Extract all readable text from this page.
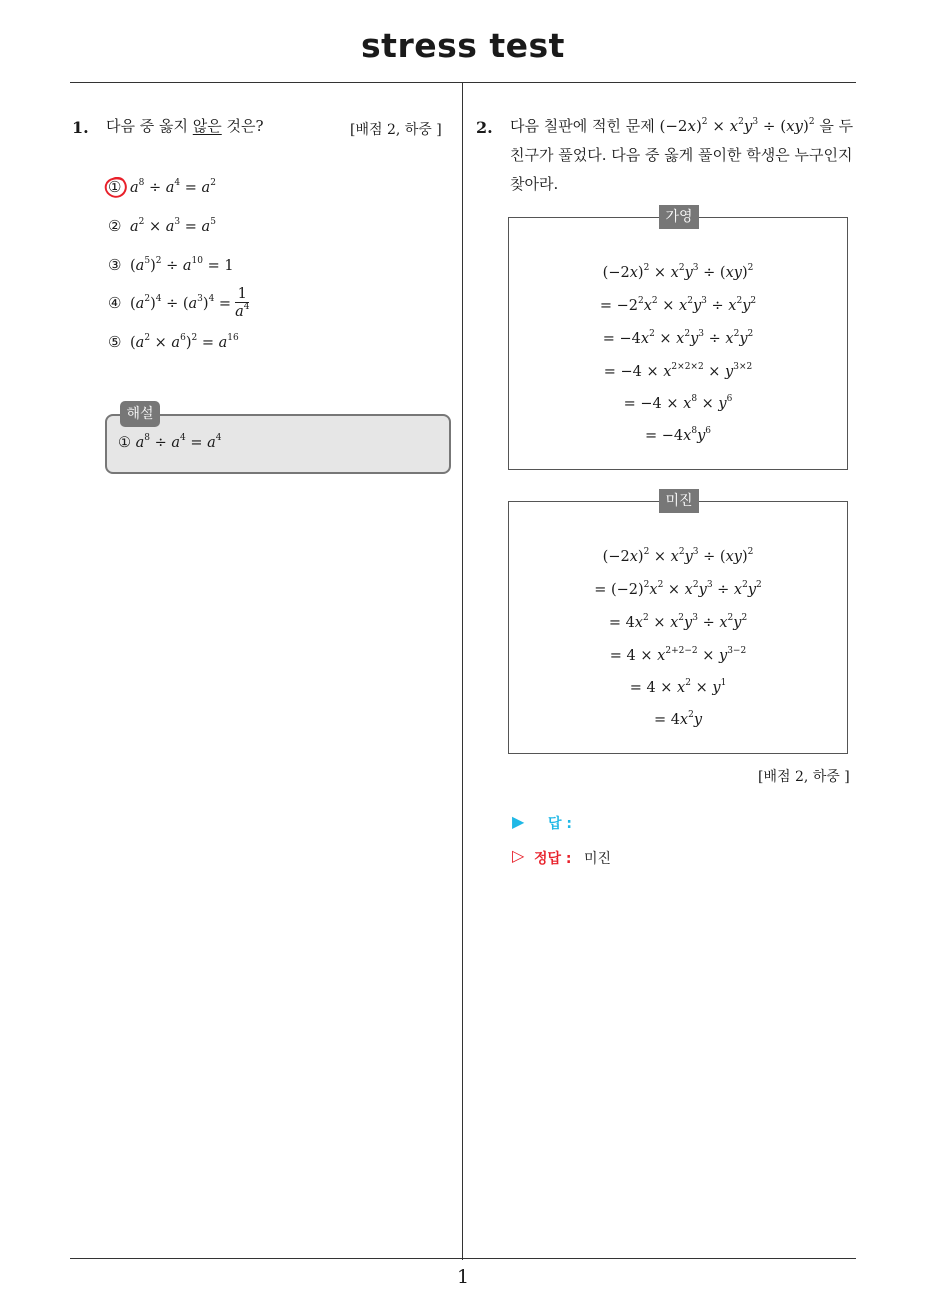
stress test
1. 다음 중 옳지 않은 것은?	[배점 2, 하중 ]
① $a^8 \div a^4 = a^2$
② $a^2 \times a^3 = a^5$
③ $(a^5)^2 \div a^{10} = 1$
④ $(a^2)^4 \div (a^3)^4 = \frac{1}{a^4}$
⑤ $(a^2 \times a^6)^2 = a^{16}$
해설
① $a^8 \div a^4 = a^4$
2. 다음 칠판에 적힌 문제 $(-2x)^2 \times x^2y^3 \div (xy)^2$ 을 두
친구가 풀었다. 다음 중 옳게 풀이한 학생은 누구인지
찾아라.
가영
$(-2x)^2 \times x^2y^3 \div (xy)^2$
= $-2^2x^2 \times x^2y^3 \div x^2y^2$
= $-4x^2 \times x^2y^3 \div x^2y^2$
= $-4 \times x^{2\times 2\times 2} \times y^{3\times 2}$
= $-4 \times x^8 \times y^6$
= $-4x^8y^6$
미진
$(-2x)^2 \times x^2y^3 \div (xy)^2$
= $(-2)^2x^2 \times x^2y^3 \div x^2y^2$
= $4x^2 \times x^2y^3 \div x^2y^2$
= $4 \times x^{2+2-2} \times y^{3-2}$
= $4 \times x^2 \times y^1$
= $4x^2y$
[배점 2, 하중 ]
▶ 답 :
▷ 정답 : 미진
1
